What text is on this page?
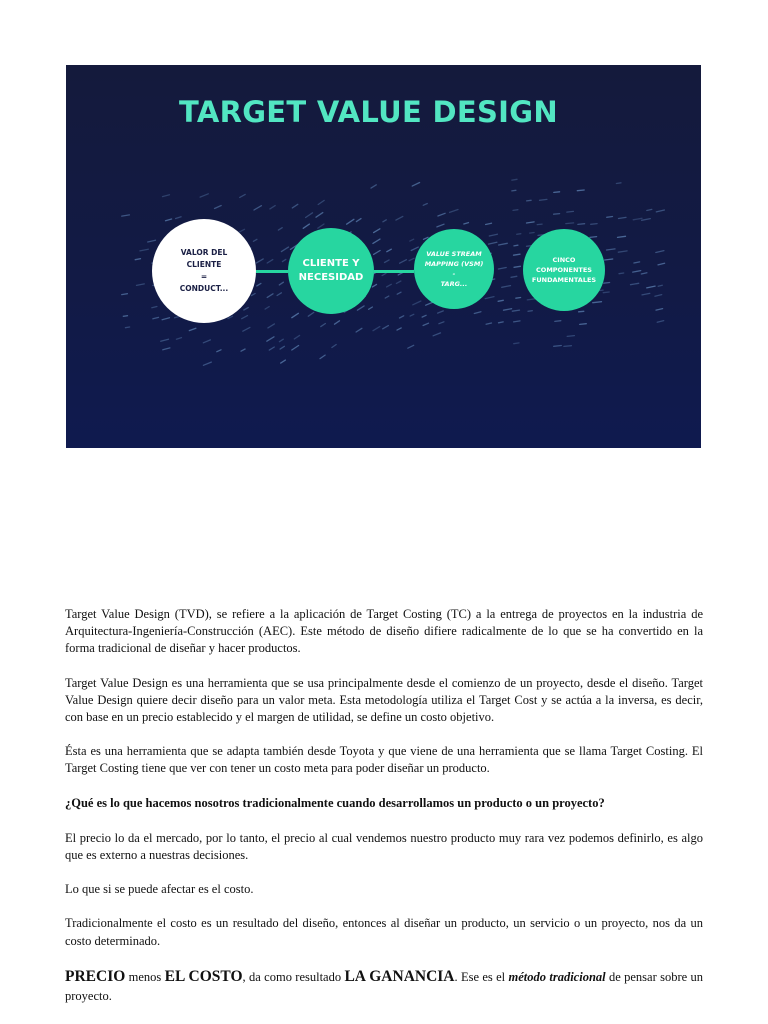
TARGET VALUE DESIGN
VALOR DEL
CLIENTE
=
CONDUCT...
CLIENTE Y
NECESIDAD
VALUE STREAM
MAPPING (VSM)
-
TARG...
CINCO
COMPONENTES
FUNDAMENTALES

Target Value Design (TVD), se refiere a la aplicación de Target Costing (TC) a la entrega de proyectos en la industria de Arquitectura-Ingeniería-Construcción (AEC). Este método de diseño difiere radicalmente de lo que se ha convertido en la forma tradicional de diseñar y hacer productos.

Target Value Design es una herramienta que se usa principalmente desde el comienzo de un proyecto, desde el diseño. Target Value Design quiere decir diseño para un valor meta. Esta metodología utiliza el Target Cost y se actúa a la inversa, es decir, con base en un precio establecido y el margen de utilidad, se define un costo objetivo.

Ésta es una herramienta que se adapta también desde Toyota y que viene de una herramienta que se llama Target Costing. El Target Costing tiene que ver con tener un costo meta para poder diseñar un producto.

¿Qué es lo que hacemos nosotros tradicionalmente cuando desarrollamos un producto o un proyecto?

El precio lo da el mercado, por lo tanto, el precio al cual vendemos nuestro producto muy rara vez podemos definirlo, es algo que es externo a nuestras decisiones.

Lo que si se puede afectar es el costo.

Tradicionalmente el costo es un resultado del diseño, entonces al diseñar un producto, un servicio o un proyecto, nos da un costo determinado.

PRECIO menos EL COSTO, da como resultado LA GANANCIA. Ese es el método tradicional de pensar sobre un proyecto.
